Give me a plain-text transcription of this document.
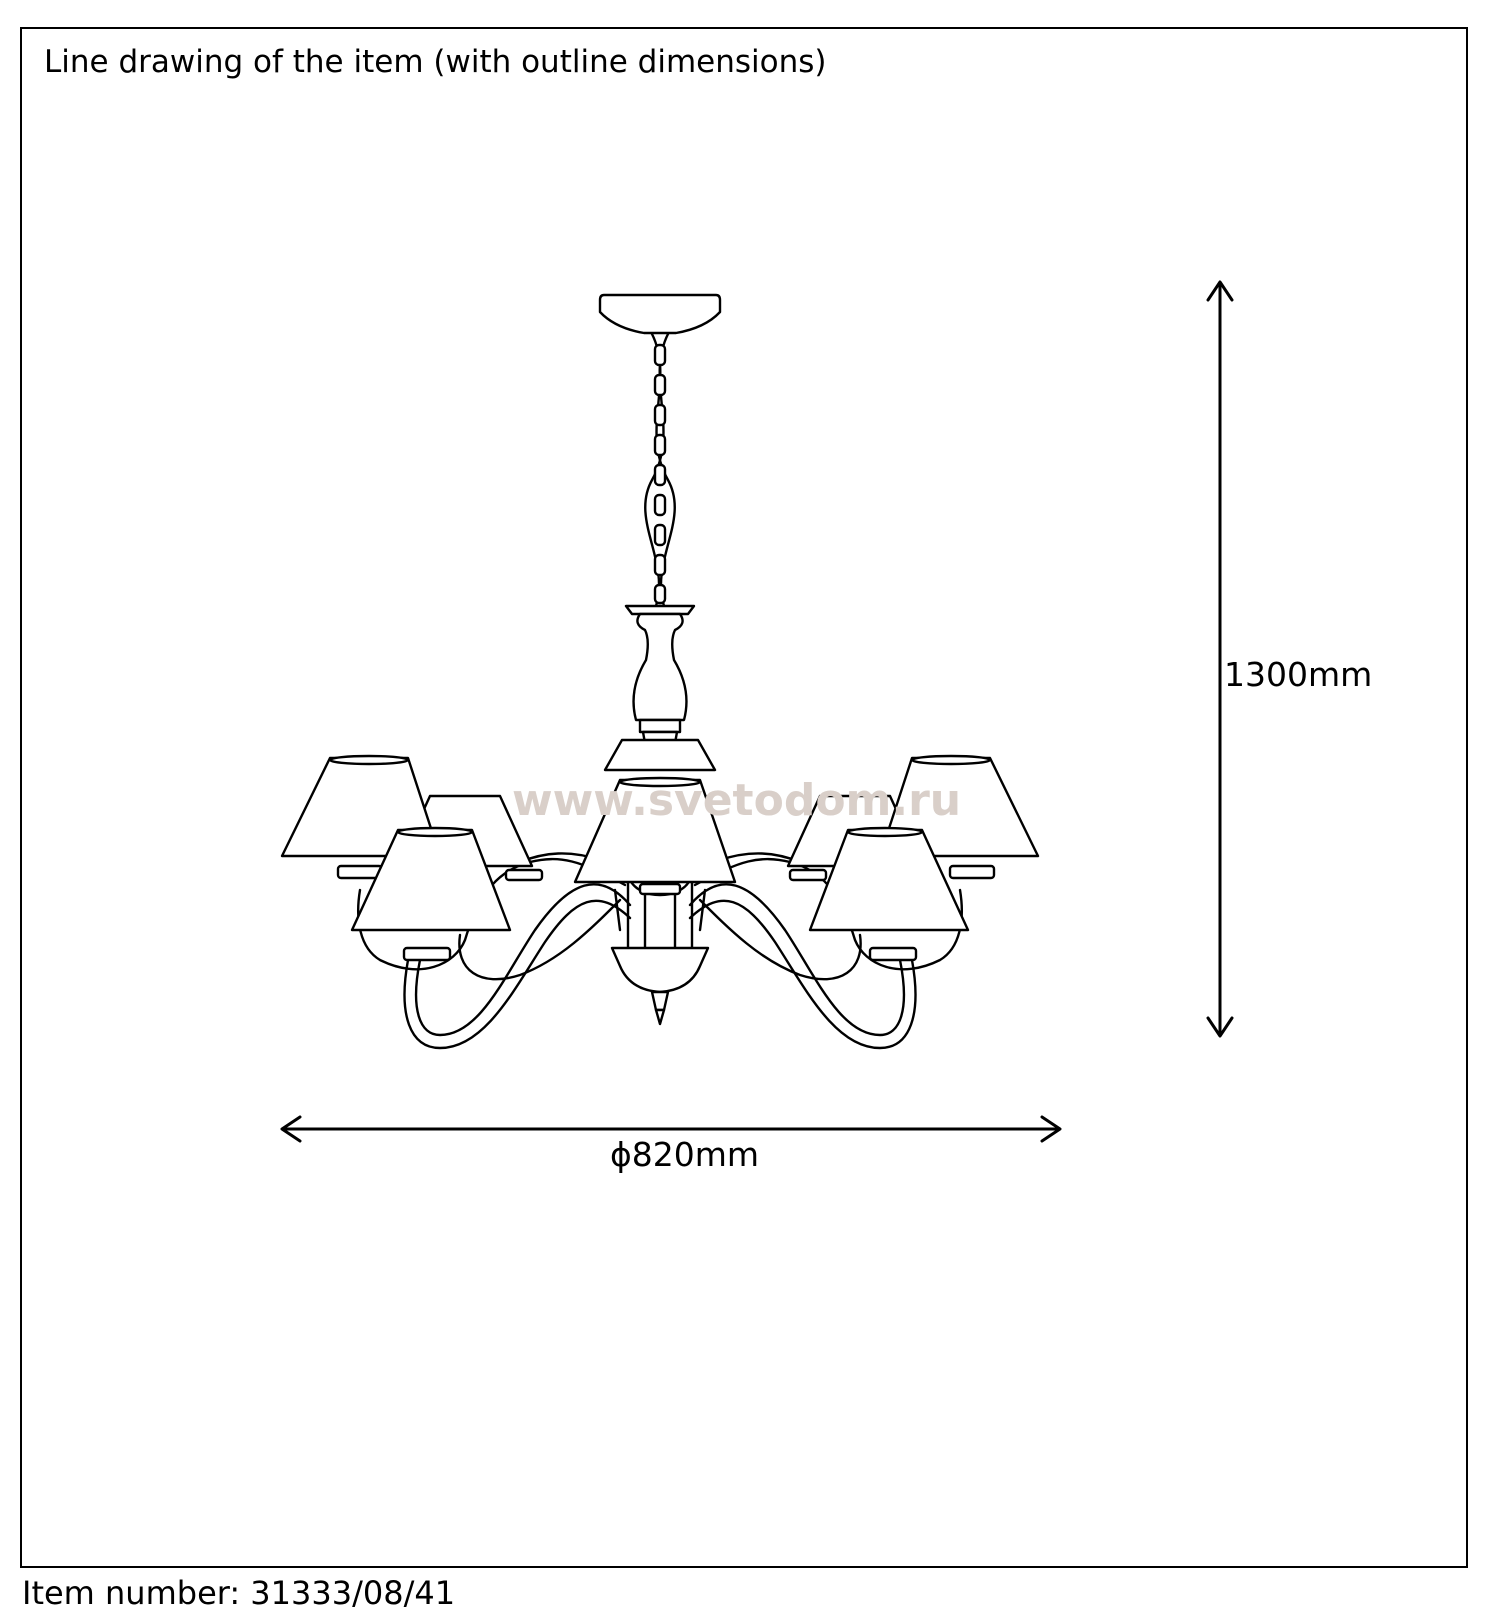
www.svetodom.ru
1300mm
ϕ820mm
Line drawing of the item (with outline dimensions)
Item number: 31333/08/41
